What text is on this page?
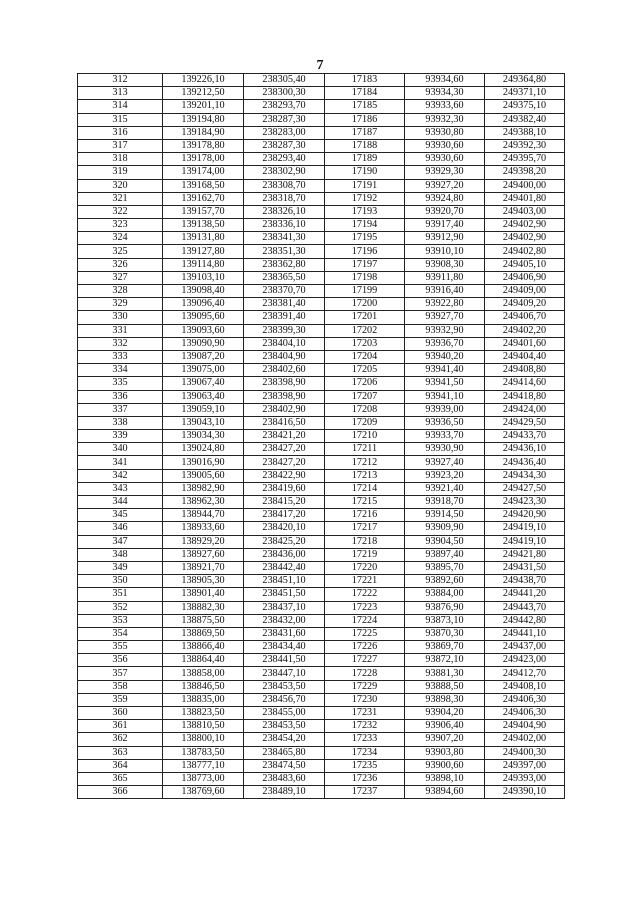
7
312	139226,10	238305,40	17183	93934,60	249364,80
313	139212,50	238300,30	17184	93934,30	249371,10
314	139201,10	238293,70	17185	93933,60	249375,10
315	139194,80	238287,30	17186	93932,30	249382,40
316	139184,90	238283,00	17187	93930,80	249388,10
317	139178,80	238287,30	17188	93930,60	249392,30
318	139178,00	238293,40	17189	93930,60	249395,70
319	139174,00	238302,90	17190	93929,30	249398,20
320	139168,50	238308,70	17191	93927,20	249400,00
321	139162,70	238318,70	17192	93924,80	249401,80
322	139157,70	238326,10	17193	93920,70	249403,00
323	139138,50	238336,10	17194	93917,40	249402,90
324	139131,80	238341,30	17195	93912,90	249402,90
325	139127,80	238351,30	17196	93910,10	249402,80
326	139114,80	238362,80	17197	93908,30	249405,10
327	139103,10	238365,50	17198	93911,80	249406,90
328	139098,40	238370,70	17199	93916,40	249409,00
329	139096,40	238381,40	17200	93922,80	249409,20
330	139095,60	238391,40	17201	93927,70	249406,70
331	139093,60	238399,30	17202	93932,90	249402,20
332	139090,90	238404,10	17203	93936,70	249401,60
333	139087,20	238404,90	17204	93940,20	249404,40
334	139075,00	238402,60	17205	93941,40	249408,80
335	139067,40	238398,90	17206	93941,50	249414,60
336	139063,40	238398,90	17207	93941,10	249418,80
337	139059,10	238402,90	17208	93939,00	249424,00
338	139043,10	238416,50	17209	93936,50	249429,50
339	139034,30	238421,20	17210	93933,70	249433,70
340	139024,80	238427,20	17211	93930,90	249436,10
341	139016,90	238427,20	17212	93927,40	249436,40
342	139005,60	238422,90	17213	93923,20	249434,30
343	138982,90	238419,60	17214	93921,40	249427,50
344	138962,30	238415,20	17215	93918,70	249423,30
345	138944,70	238417,20	17216	93914,50	249420,90
346	138933,60	238420,10	17217	93909,90	249419,10
347	138929,20	238425,20	17218	93904,50	249419,10
348	138927,60	238436,00	17219	93897,40	249421,80
349	138921,70	238442,40	17220	93895,70	249431,50
350	138905,30	238451,10	17221	93892,60	249438,70
351	138901,40	238451,50	17222	93884,00	249441,20
352	138882,30	238437,10	17223	93876,90	249443,70
353	138875,50	238432,00	17224	93873,10	249442,80
354	138869,50	238431,60	17225	93870,30	249441,10
355	138866,40	238434,40	17226	93869,70	249437,00
356	138864,40	238441,50	17227	93872,10	249423,00
357	138858,00	238447,10	17228	93881,30	249412,70
358	138846,50	238453,50	17229	93888,50	249408,10
359	138835,00	238456,70	17230	93898,30	249406,30
360	138823,50	238455,00	17231	93904,20	249406,30
361	138810,50	238453,50	17232	93906,40	249404,90
362	138800,10	238454,20	17233	93907,20	249402,00
363	138783,50	238465,80	17234	93903,80	249400,30
364	138777,10	238474,50	17235	93900,60	249397,00
365	138773,00	238483,60	17236	93898,10	249393,00
366	138769,60	238489,10	17237	93894,60	249390,10
